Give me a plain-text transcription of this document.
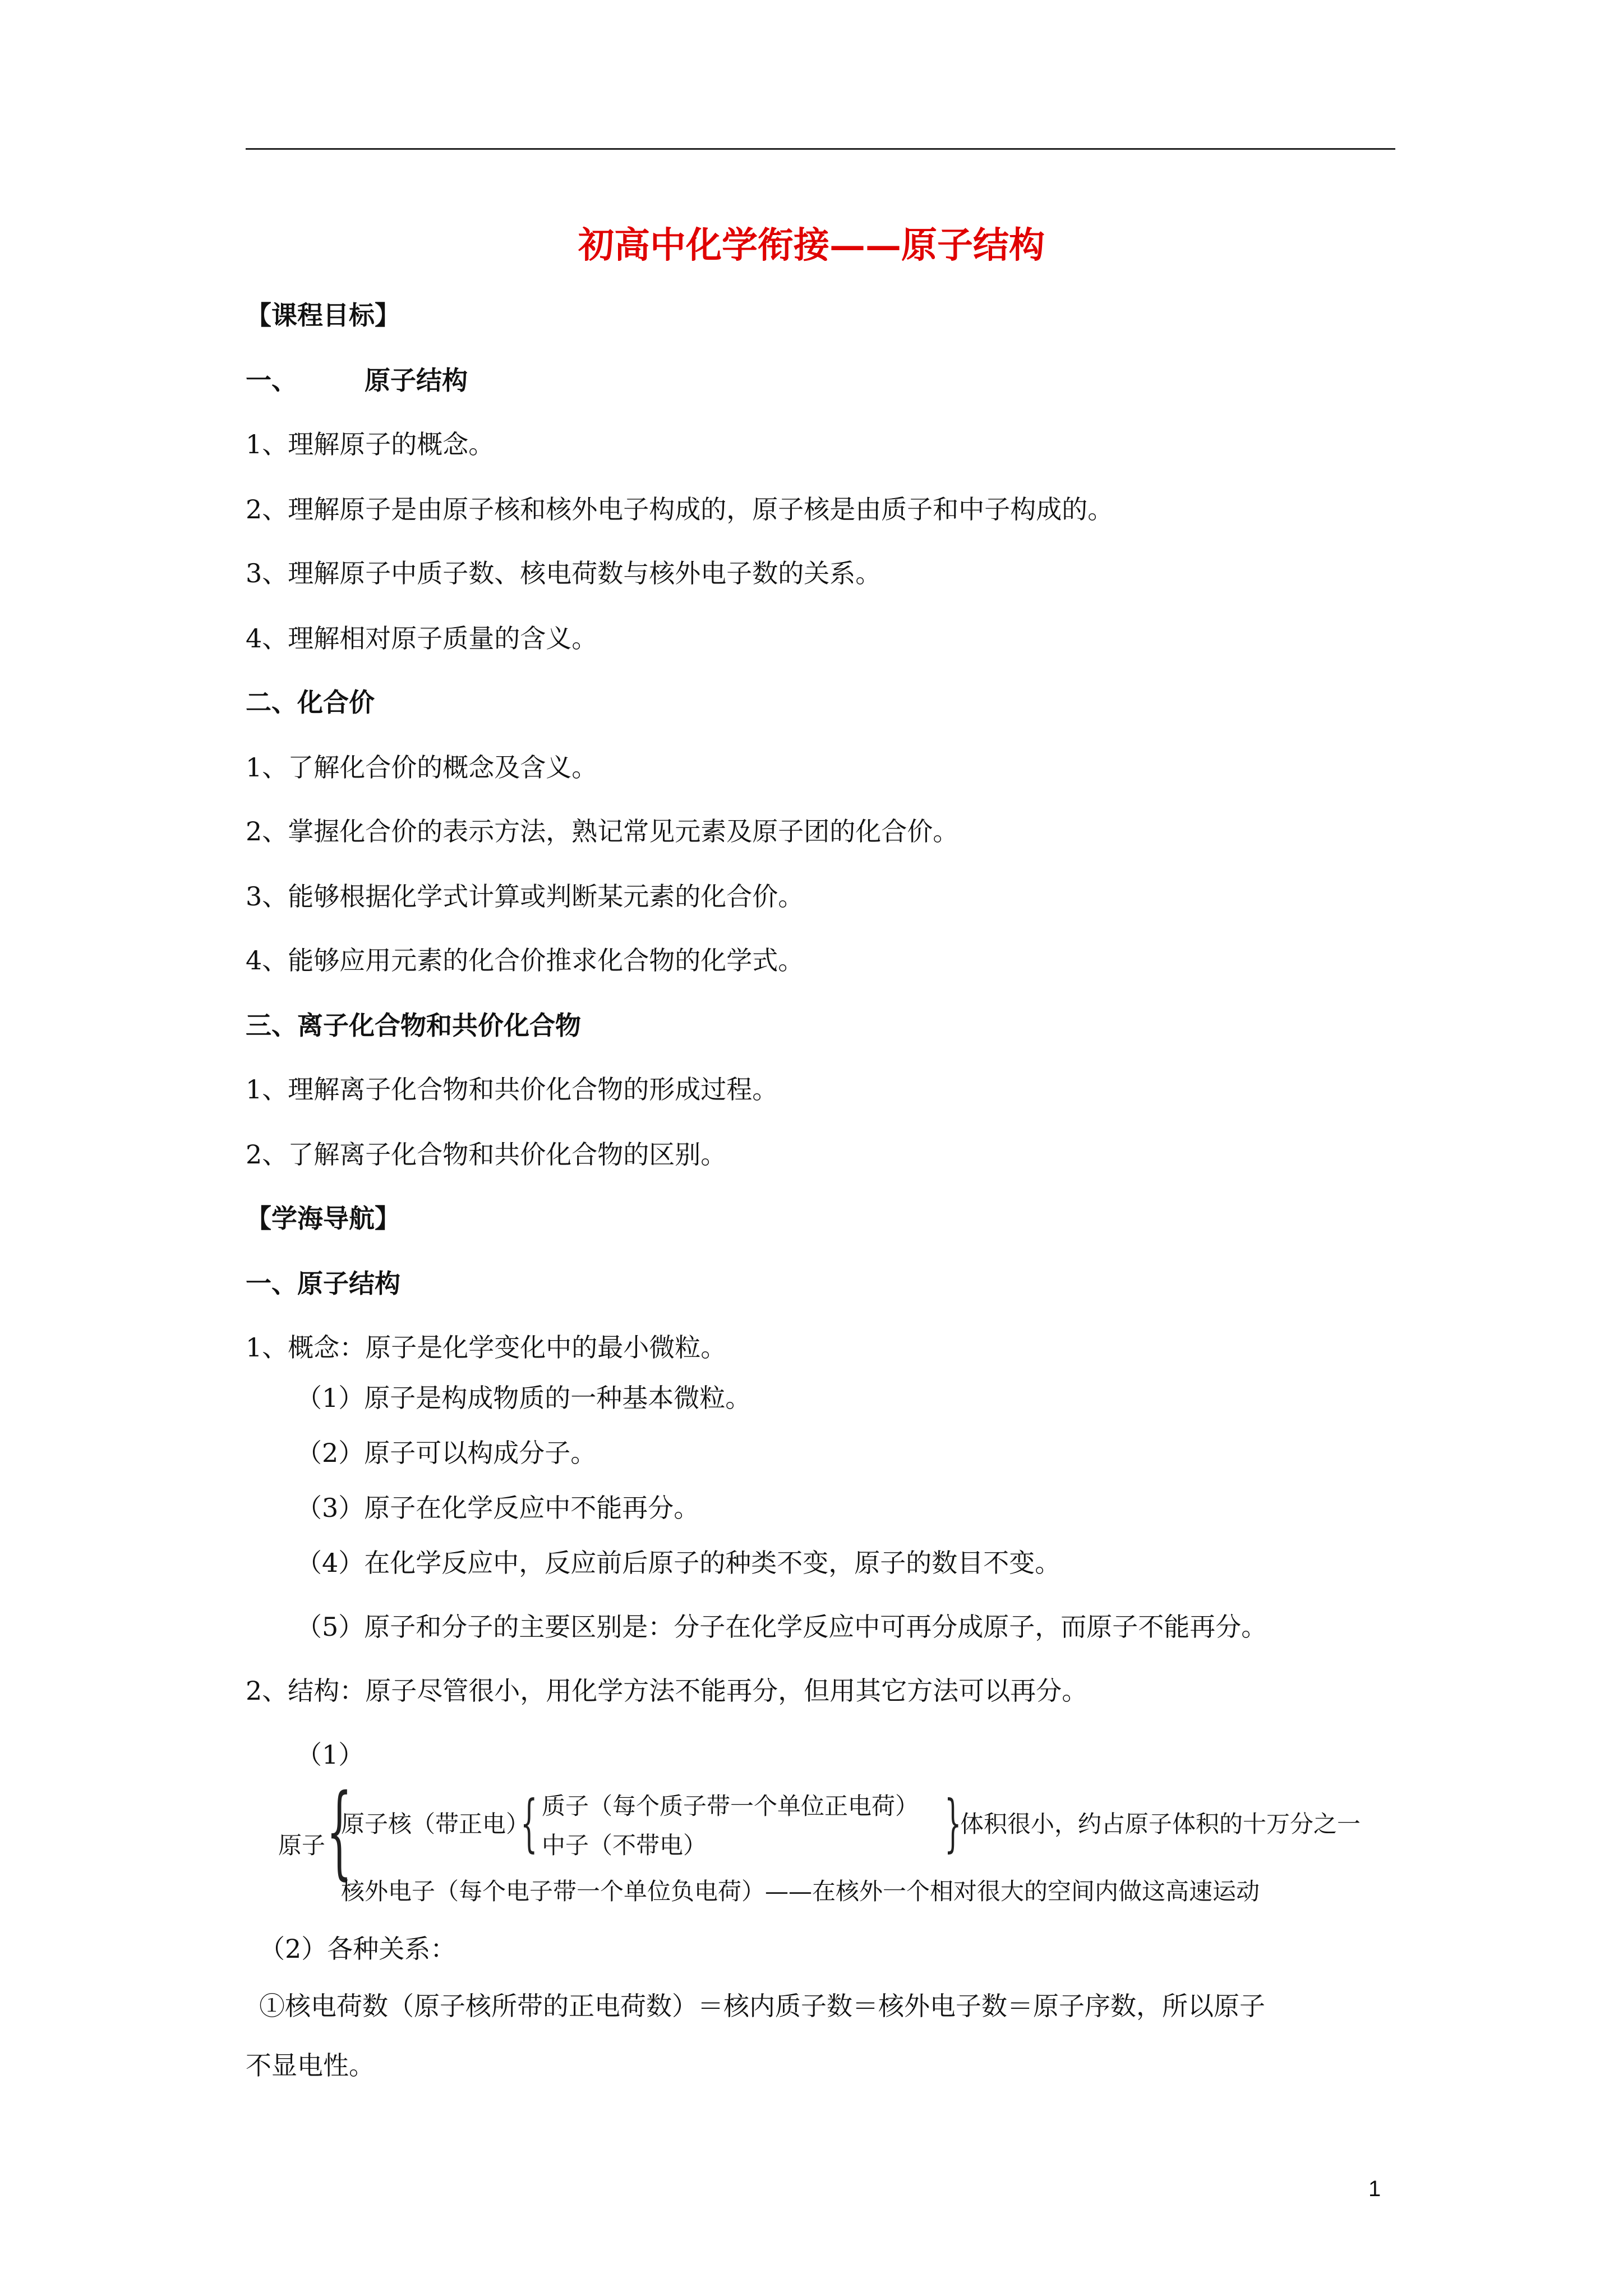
初高中化学衔接——原子结构
【课程目标】
一、	原子结构
1、理解原子的概念。
2、理解原子是由原子核和核外电子构成的，原子核是由质子和中子构成的。
3、理解原子中质子数、核电荷数与核外电子数的关系。
4、理解相对原子质量的含义。
二、化合价
1、了解化合价的概念及含义。
2、掌握化合价的表示方法，熟记常见元素及原子团的化合价。
3、能够根据化学式计算或判断某元素的化合价。
4、能够应用元素的化合价推求化合物的化学式。
三、离子化合物和共价化合物
1、理解离子化合物和共价化合物的形成过程。
2、了解离子化合物和共价化合物的区别。
【学海导航】
一、原子结构
1、概念：原子是化学变化中的最小微粒。
（1）原子是构成物质的一种基本微粒。
（2）原子可以构成分子。
（3）原子在化学反应中不能再分。
（4）在化学反应中，反应前后原子的种类不变，原子的数目不变。
（5）原子和分子的主要区别是：分子在化学反应中可再分成原子，而原子不能再分。
2、结构：原子尽管很小，用化学方法不能再分，但用其它方法可以再分。
（1）
原子 {
原子核（带正电）
{ 质子（每个质子带一个单位正电荷）
中子（不带电）	}
体积很小，约占原子体积的十万分之一
核外电子（每个电子带一个单位负电荷）——在核外一个相对很大的空间内做这高速运动
（2）各种关系：
①核电荷数（原子核所带的正电荷数）＝核内质子数＝核外电子数＝原子序数，所以原子
不显电性。
1
